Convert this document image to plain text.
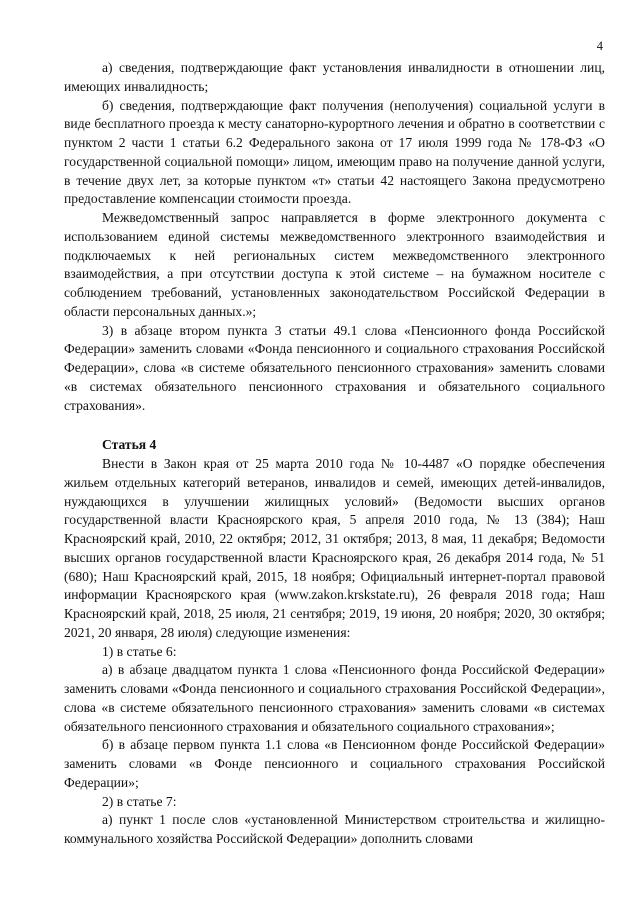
4

а) сведения, подтверждающие факт установления инвалидности в отношении лиц, имеющих инвалидность;

б) сведения, подтверждающие факт получения (неполучения) социальной услуги в виде бесплатного проезда к месту санаторно-курортного лечения и обратно в соответствии с пунктом 2 части 1 статьи 6.2 Федерального закона от 17 июля 1999 года № 178-ФЗ «О государственной социальной помощи» лицом, имеющим право на получение данной услуги, в течение двух лет, за которые пунктом «т» статьи 42 настоящего Закона предусмотрено предоставление компенсации стоимости проезда.

Межведомственный запрос направляется в форме электронного документа с использованием единой системы межведомственного электронного взаимодействия и подключаемых к ней региональных систем межведомственного электронного взаимодействия, а при отсутствии доступа к этой системе – на бумажном носителе с соблюдением требований, установленных законодательством Российской Федерации в области персональных данных.»;

3) в абзаце втором пункта 3 статьи 49.1 слова «Пенсионного фонда Российской Федерации» заменить словами «Фонда пенсионного и социального страхования Российской Федерации», слова «в системе обязательного пенсионного страхования» заменить словами «в системах обязательного пенсионного страхования и обязательного социального страхования».

Статья 4

Внести в Закон края от 25 марта 2010 года № 10-4487 «О порядке обеспечения жильем отдельных категорий ветеранов, инвалидов и семей, имеющих детей-инвалидов, нуждающихся в улучшении жилищных условий» (Ведомости высших органов государственной власти Красноярского края, 5 апреля 2010 года, № 13 (384); Наш Красноярский край, 2010, 22 октября; 2012, 31 октября; 2013, 8 мая, 11 декабря; Ведомости высших органов государственной власти Красноярского края, 26 декабря 2014 года, № 51 (680); Наш Красноярский край, 2015, 18 ноября; Официальный интернет-портал правовой информации Красноярского края (www.zakon.krskstate.ru), 26 февраля 2018 года; Наш Красноярский край, 2018, 25 июля, 21 сентября; 2019, 19 июня, 20 ноября; 2020, 30 октября; 2021, 20 января, 28 июля) следующие изменения:

1) в статье 6:

а) в абзаце двадцатом пункта 1 слова «Пенсионного фонда Российской Федерации» заменить словами «Фонда пенсионного и социального страхования Российской Федерации», слова «в системе обязательного пенсионного страхования» заменить словами «в системах обязательного пенсионного страхования и обязательного социального страхования»;

б) в абзаце первом пункта 1.1 слова «в Пенсионном фонде Российской Федерации» заменить словами «в Фонде пенсионного и социального страхования Российской Федерации»;

2) в статье 7:

а) пункт 1 после слов «установленной Министерством строительства и жилищно-коммунального хозяйства Российской Федерации» дополнить словами
